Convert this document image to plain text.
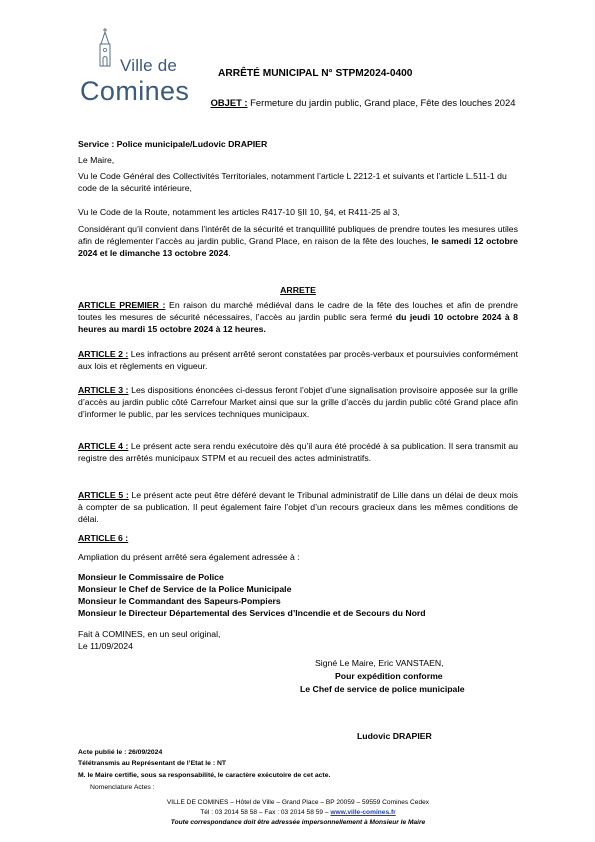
Ville de
Comines
ARRÊTÉ MUNICIPAL N° STPM2024-0400
OBJET : Fermeture du jardin public, Grand place, Fête des louches 2024
Service : Police municipale/Ludovic DRAPIER
Le Maire,
Vu le Code Général des Collectivités Territoriales, notamment l’article L 2212-1 et suivants et l’article L.511-1 du code de la sécurité intérieure,
Vu le Code de la Route, notamment les articles R417-10 §II 10, §4, et R411-25 al 3,
Considérant qu’il convient dans l’intérêt de la sécurité et tranquillité publiques de prendre toutes les mesures utiles afin de réglementer l’accès au jardin public, Grand Place, en raison de la fête des louches, le samedi 12 octobre 2024 et le dimanche 13 octobre 2024.
ARRETE
ARTICLE PREMIER : En raison du marché médiéval dans le cadre de la fête des louches et afin de prendre toutes les mesures de sécurité nécessaires, l’accès au jardin public sera fermé du jeudi 10 octobre 2024 à 8 heures au mardi 15 octobre 2024 à 12 heures.
ARTICLE 2 : Les infractions au présent arrêté seront constatées par procès-verbaux et poursuivies conformément aux lois et règlements en vigueur.
ARTICLE 3 : Les dispositions énoncées ci-dessus feront l’objet d’une signalisation provisoire apposée sur la grille d’accès au jardin public côté Carrefour Market ainsi que sur la grille d’accès du jardin public côté Grand place afin d’informer le public, par les services techniques municipaux.
ARTICLE 4 : Le présent acte sera rendu exécutoire dès qu’il aura été procédé à sa publication. Il sera transmit au registre des arrêtés municipaux STPM et au recueil des actes administratifs.
ARTICLE 5 : Le présent acte peut être déféré devant le Tribunal administratif de Lille dans un délai de deux mois à compter de sa publication. Il peut également faire l’objet d’un recours gracieux dans les mêmes conditions de délai.
ARTICLE 6 :
Ampliation du présent arrêté sera également adressée à :
Monsieur le Commissaire de Police
Monsieur le Chef de Service de la Police Municipale
Monsieur le Commandant des Sapeurs-Pompiers
Monsieur le Directeur Départemental des Services d’Incendie et de Secours du Nord
Fait à COMINES, en un seul original,
Le 11/09/2024
Signé Le Maire, Eric VANSTAEN,
Pour expédition conforme
Le Chef de service de police municipale
Ludovic DRAPIER
Acte publié le : 26/09/2024
Télétransmis au Représentant de l’Etat le : NT
M. le Maire certifie, sous sa responsabilité, le caractère exécutoire de cet acte.
Nomenclature Actes :
VILLE DE COMINES – Hôtel de Ville – Grand Place – BP 20059 – 59559 Comines Cedex
Tél : 03 2014 58 58 – Fax : 03 2014 58 59 – www.ville-comines.fr
Toute correspondance doit être adressée impersonnellement à Monsieur le Maire
